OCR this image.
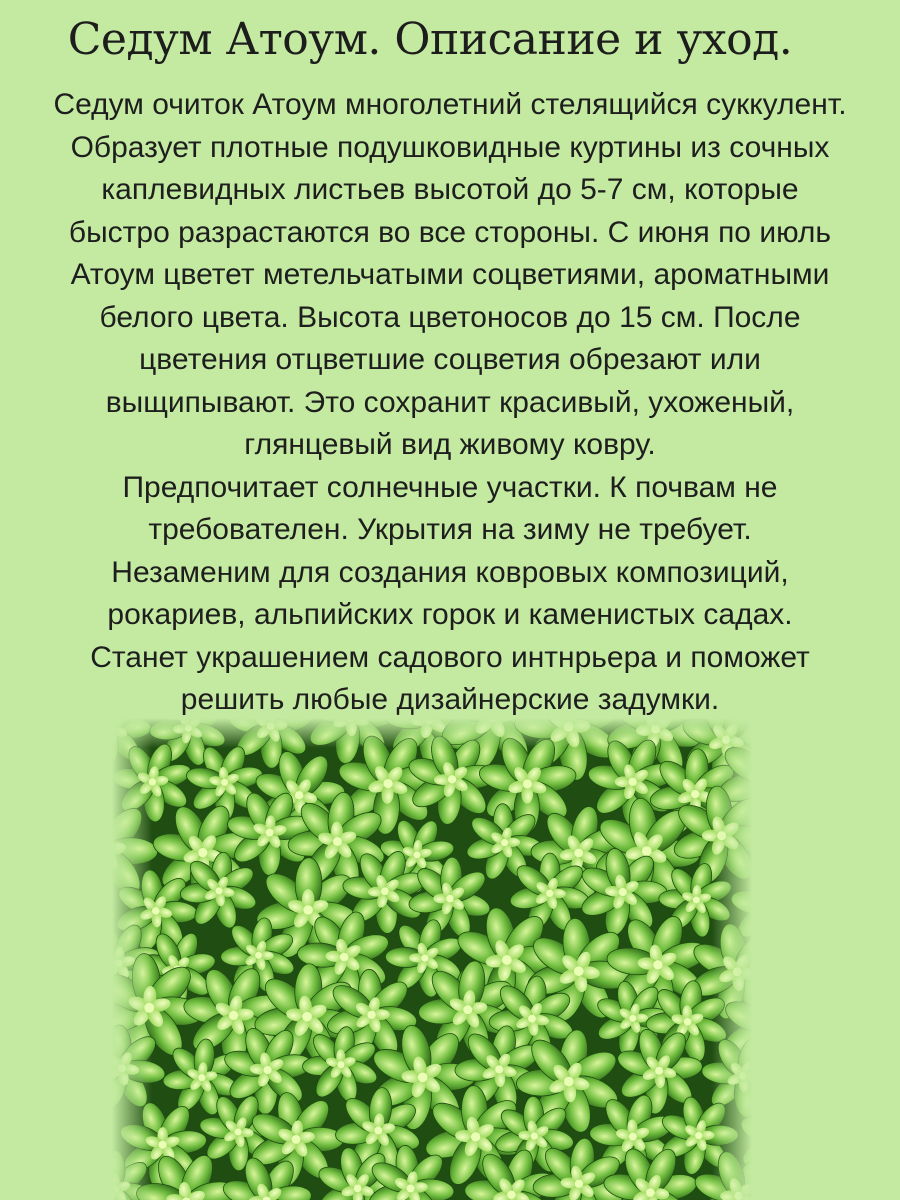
Седум Атоум. Описание и уход.
Седум очиток Атоум многолетний стелящийся суккулент.
Образует плотные подушковидные куртины из сочных
каплевидных листьев высотой до 5-7 см, которые
быстро разрастаются во все стороны. С июня по июль
Атоум цветет метельчатыми соцветиями, ароматными
белого цвета. Высота цветоносов до 15 см. После
цветения отцветшие соцветия обрезают или
выщипывают. Это сохранит красивый, ухоженый,
глянцевый вид живому ковру.
Предпочитает солнечные участки. К почвам не
требователен. Укрытия на зиму не требует.
Незаменим для создания ковровых композиций,
рокариев, альпийских горок и каменистых садах.
Станет украшением садового интнрьера и поможет
решить любые дизайнерские задумки.
